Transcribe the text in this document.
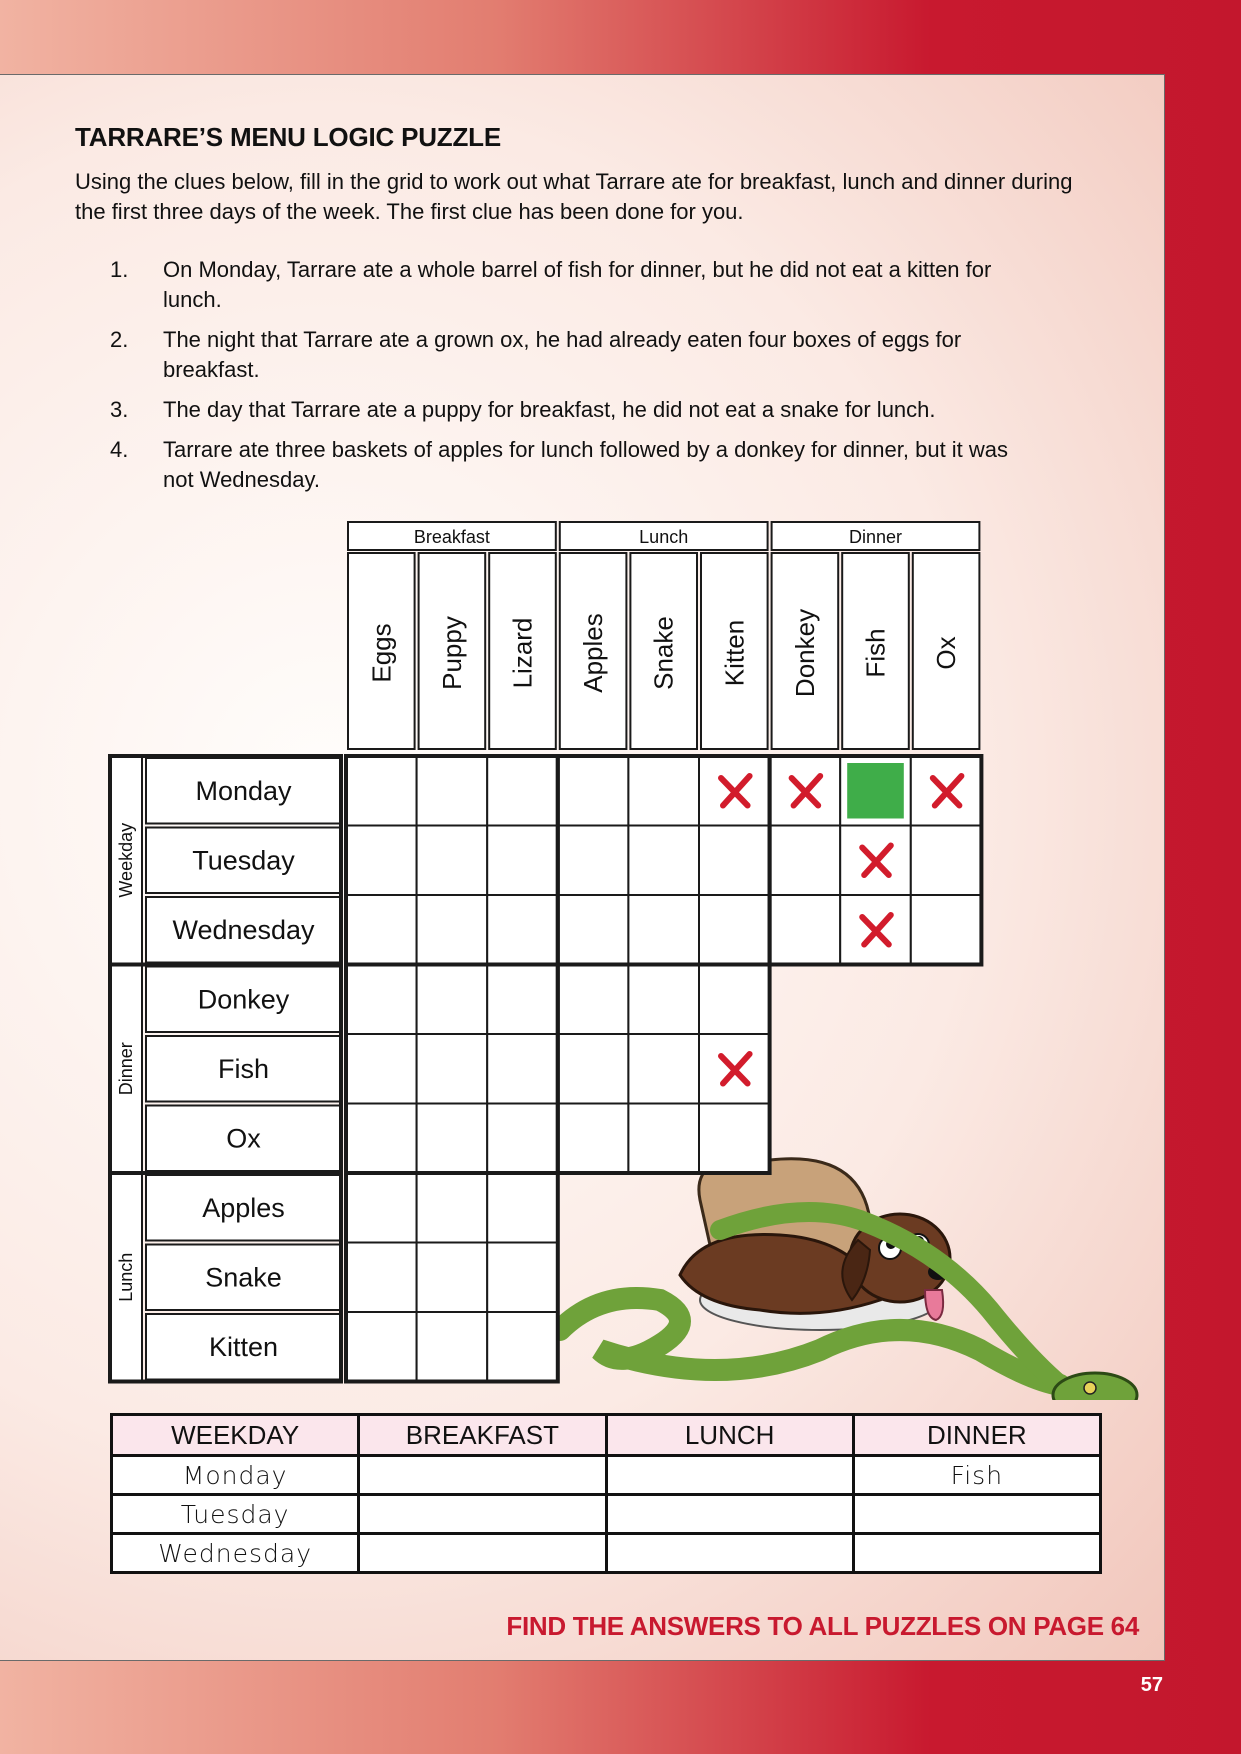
TARRARE’S MENU LOGIC PUZZLE

Using the clues below, fill in the grid to work out what Tarrare ate for breakfast, lunch and dinner during the first three days of the week. The first clue has been done for you.

1.	On Monday, Tarrare ate a whole barrel of fish for dinner, but he did not eat a kitten for lunch.
2.	The night that Tarrare ate a grown ox, he had already eaten four boxes of eggs for breakfast.
3.	The day that Tarrare ate a puppy for breakfast, he did not eat a snake for lunch.
4.	Tarrare ate three baskets of apples for lunch followed by a donkey for dinner, but it was not Wednesday.
Breakfast	Lunch	Dinner
Eggs Puppy Lizard Apples Snake Kitten Donkey Fish Ox
Weekday
Dinner
Lunch
Monday
Tuesday
Wednesday
Donkey
Fish
Ox
Apples
Snake
Kitten
WEEKDAY	BREAKFAST	LUNCH	DINNER
Monday			Fish
Tuesday			
Wednesday			
FIND THE ANSWERS TO ALL PUZZLES ON PAGE 64
57
